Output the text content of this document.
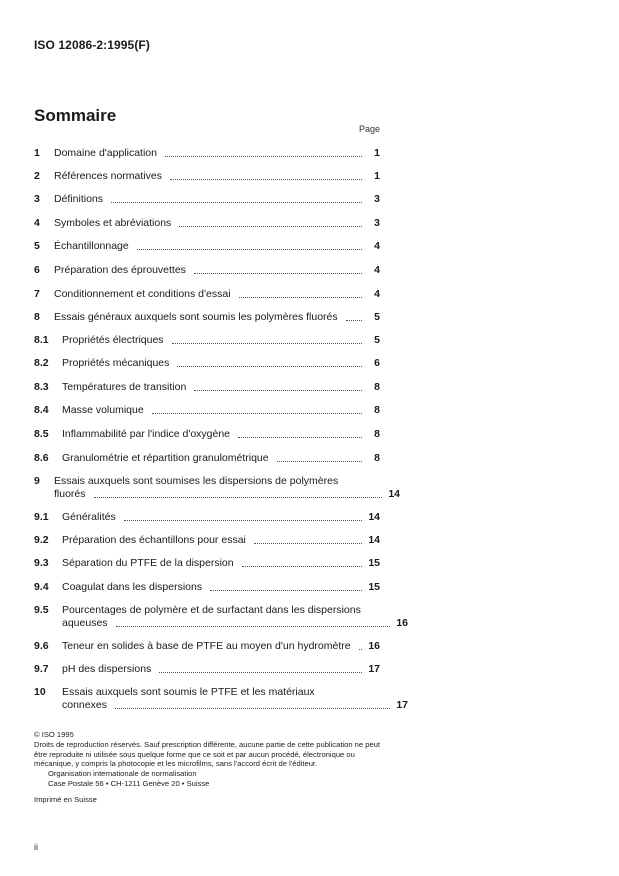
ISO 12086-2:1995(F)
Sommaire
Page
1	Domaine d'application	1
2	Références normatives	1
3	Définitions	3
4	Symboles et abréviations	3
5	Échantillonnage	4
6	Préparation des éprouvettes	4
7	Conditionnement et conditions d'essai	4
8	Essais généraux auxquels sont soumis les polymères fluorés	5
8.1	Propriétés électriques	5
8.2	Propriétés mécaniques	6
8.3	Températures de transition	8
8.4	Masse volumique	8
8.5	Inflammabilité par l'indice d'oxygène	8
8.6	Granulométrie et répartition granulométrique	8
9	Essais auxquels sont soumises les dispersions de polymères
fluorés	14
9.1	Généralités	14
9.2	Préparation des échantillons pour essai	14
9.3	Séparation du PTFE de la dispersion	15
9.4	Coagulat dans les dispersions	15
9.5	Pourcentages de polymère et de surfactant dans les dispersions
aqueuses	16
9.6	Teneur en solides à base de PTFE au moyen d'un hydromètre 16
9.7	pH des dispersions	17
10	Essais auxquels sont soumis le PTFE et les matériaux
connexes	17

© ISO 1995

Droits de reproduction réservés. Sauf prescription différente, aucune partie de cette publication ne peut être reproduite ni utilisée sous quelque forme que ce soit et par aucun procédé, électronique ou mécanique, y compris la photocopie et les microfilms, sans l'accord écrit de l'éditeur.

Organisation internationale de normalisation

Case Postale 56 • CH-1211 Genève 20 • Suisse

Imprimé en Suisse

ii
